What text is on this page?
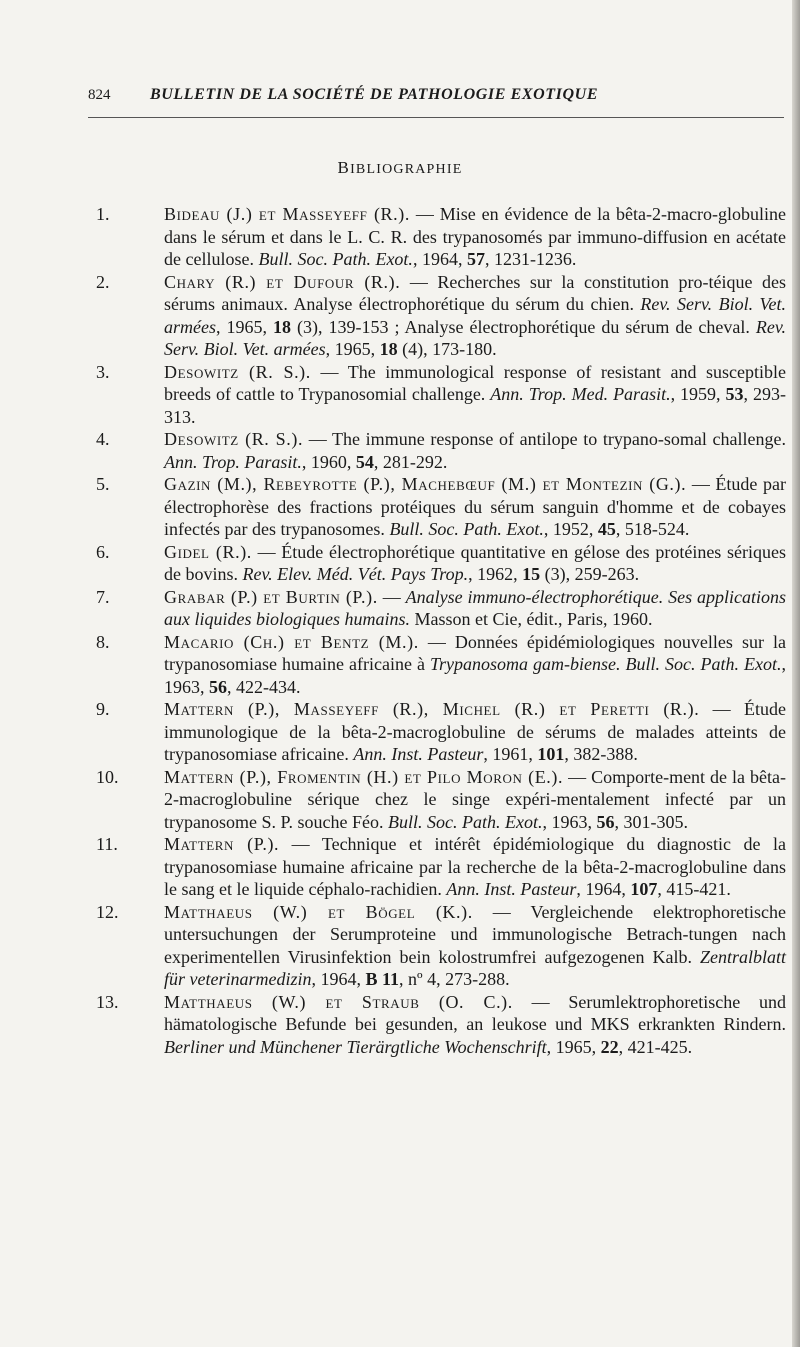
824	BULLETIN DE LA SOCIÉTÉ DE PATHOLOGIE EXOTIQUE
BIBLIOGRAPHIE
1.	Bideau (J.) et Masseyeff (R.). — Mise en évidence de la bêta-2-macro-globuline dans le sérum et dans le L. C. R. des trypanosomés par immuno-diffusion en acétate de cellulose. Bull. Soc. Path. Exot., 1964, 57, 1231-1236.
2.	Chary (R.) et Dufour (R.). — Recherches sur la constitution pro-téique des sérums animaux. Analyse électrophorétique du sérum du chien. Rev. Serv. Biol. Vet. armées, 1965, 18 (3), 139-153 ; Analyse électrophorétique du sérum de cheval. Rev. Serv. Biol. Vet. armées, 1965, 18 (4), 173-180.
3.	Desowitz (R. S.). — The immunological response of resistant and susceptible breeds of cattle to Trypanosomial challenge. Ann. Trop. Med. Parasit., 1959, 53, 293-313.
4.	Desowitz (R. S.). — The immune response of antilope to trypano-somal challenge. Ann. Trop. Parasit., 1960, 54, 281-292.
5.	Gazin (M.), Rebeyrotte (P.), Machebœuf (M.) et Montezin (G.). — Étude par électrophorèse des fractions protéiques du sérum sanguin d'homme et de cobayes infectés par des trypanosomes. Bull. Soc. Path. Exot., 1952, 45, 518-524.
6.	Gidel (R.). — Étude électrophorétique quantitative en gélose des protéines sériques de bovins. Rev. Elev. Méd. Vét. Pays Trop., 1962, 15 (3), 259-263.
7.	Grabar (P.) et Burtin (P.). — Analyse immuno-électrophorétique. Ses applications aux liquides biologiques humains. Masson et Cie, édit., Paris, 1960.
8.	Macario (Ch.) et Bentz (M.). — Données épidémiologiques nouvelles sur la trypanosomiase humaine africaine à Trypanosoma gam-biense. Bull. Soc. Path. Exot., 1963, 56, 422-434.
9.	Mattern (P.), Masseyeff (R.), Michel (R.) et Peretti (R.). — Étude immunologique de la bêta-2-macroglobuline de sérums de malades atteints de trypanosomiase africaine. Ann. Inst. Pasteur, 1961, 101, 382-388.
10.	Mattern (P.), Fromentin (H.) et Pilo Moron (E.). — Comporte-ment de la bêta-2-macroglobuline sérique chez le singe expéri-mentalement infecté par un trypanosome S. P. souche Féo. Bull. Soc. Path. Exot., 1963, 56, 301-305.
11.	Mattern (P.). — Technique et intérêt épidémiologique du diagnostic de la trypanosomiase humaine africaine par la recherche de la bêta-2-macroglobuline dans le sang et le liquide céphalo-rachidien. Ann. Inst. Pasteur, 1964, 107, 415-421.
12.	Matthaeus (W.) et Bögel (K.). — Vergleichende elektrophoretische untersuchungen der Serumproteine und immunologische Betrach-tungen nach experimentellen Virusinfektion bein kolostrumfrei aufgezogenen Kalb. Zentralblatt für veterinarmedizin, 1964, B 11, nº 4, 273-288.
13.	Matthaeus (W.) et Straub (O. C.). — Serumlektrophoretische und hämatologische Befunde bei gesunden, an leukose und MKS erkrankten Rindern. Berliner und Münchener Tierärgtliche Wochenschrift, 1965, 22, 421-425.
